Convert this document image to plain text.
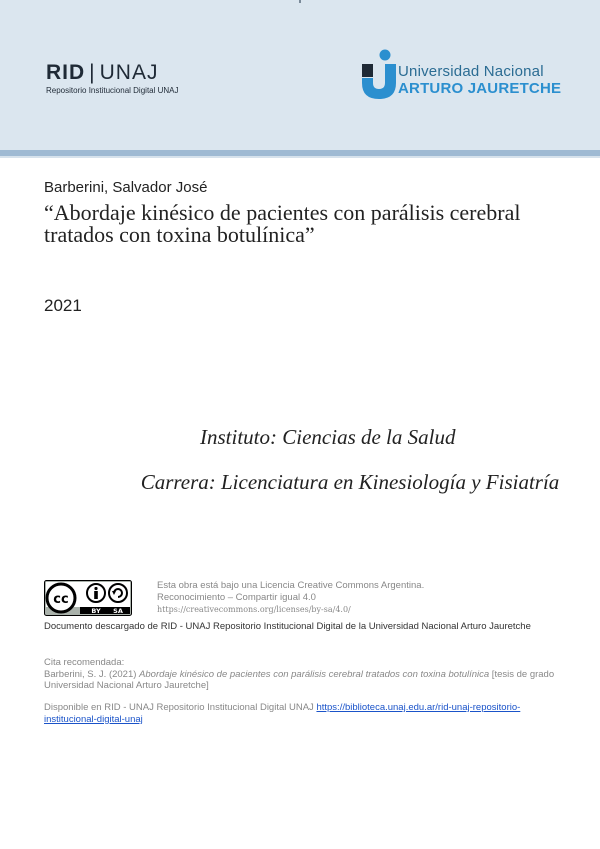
RID | UNAJ
Repositorio Institucional Digital UNAJ
Universidad Nacional
ARTURO JAURETCHE
Barberini, Salvador José
“Abordaje kinésico de pacientes con parálisis cerebral tratados con toxina botulínica”
2021
Instituto: Ciencias de la Salud
Carrera: Licenciatura en Kinesiología y Fisiatría
cc
BY SA
Esta obra está bajo una Licencia Creative Commons Argentina.
Reconocimiento – Compartir igual 4.0
https://creativecommons.org/licenses/by-sa/4.0/
Documento descargado de RID - UNAJ Repositorio Institucional Digital de la Universidad Nacional Arturo Jauretche
Cita recomendada:
Barberini, S. J. (2021) Abordaje kinésico de pacientes con parálisis cerebral tratados con toxina botulínica [tesis de grado Universidad Nacional Arturo Jauretche]
Disponible en RID - UNAJ Repositorio Institucional Digital UNAJ https://biblioteca.unaj.edu.ar/rid-unaj-repositorio-institucional-digital-unaj
